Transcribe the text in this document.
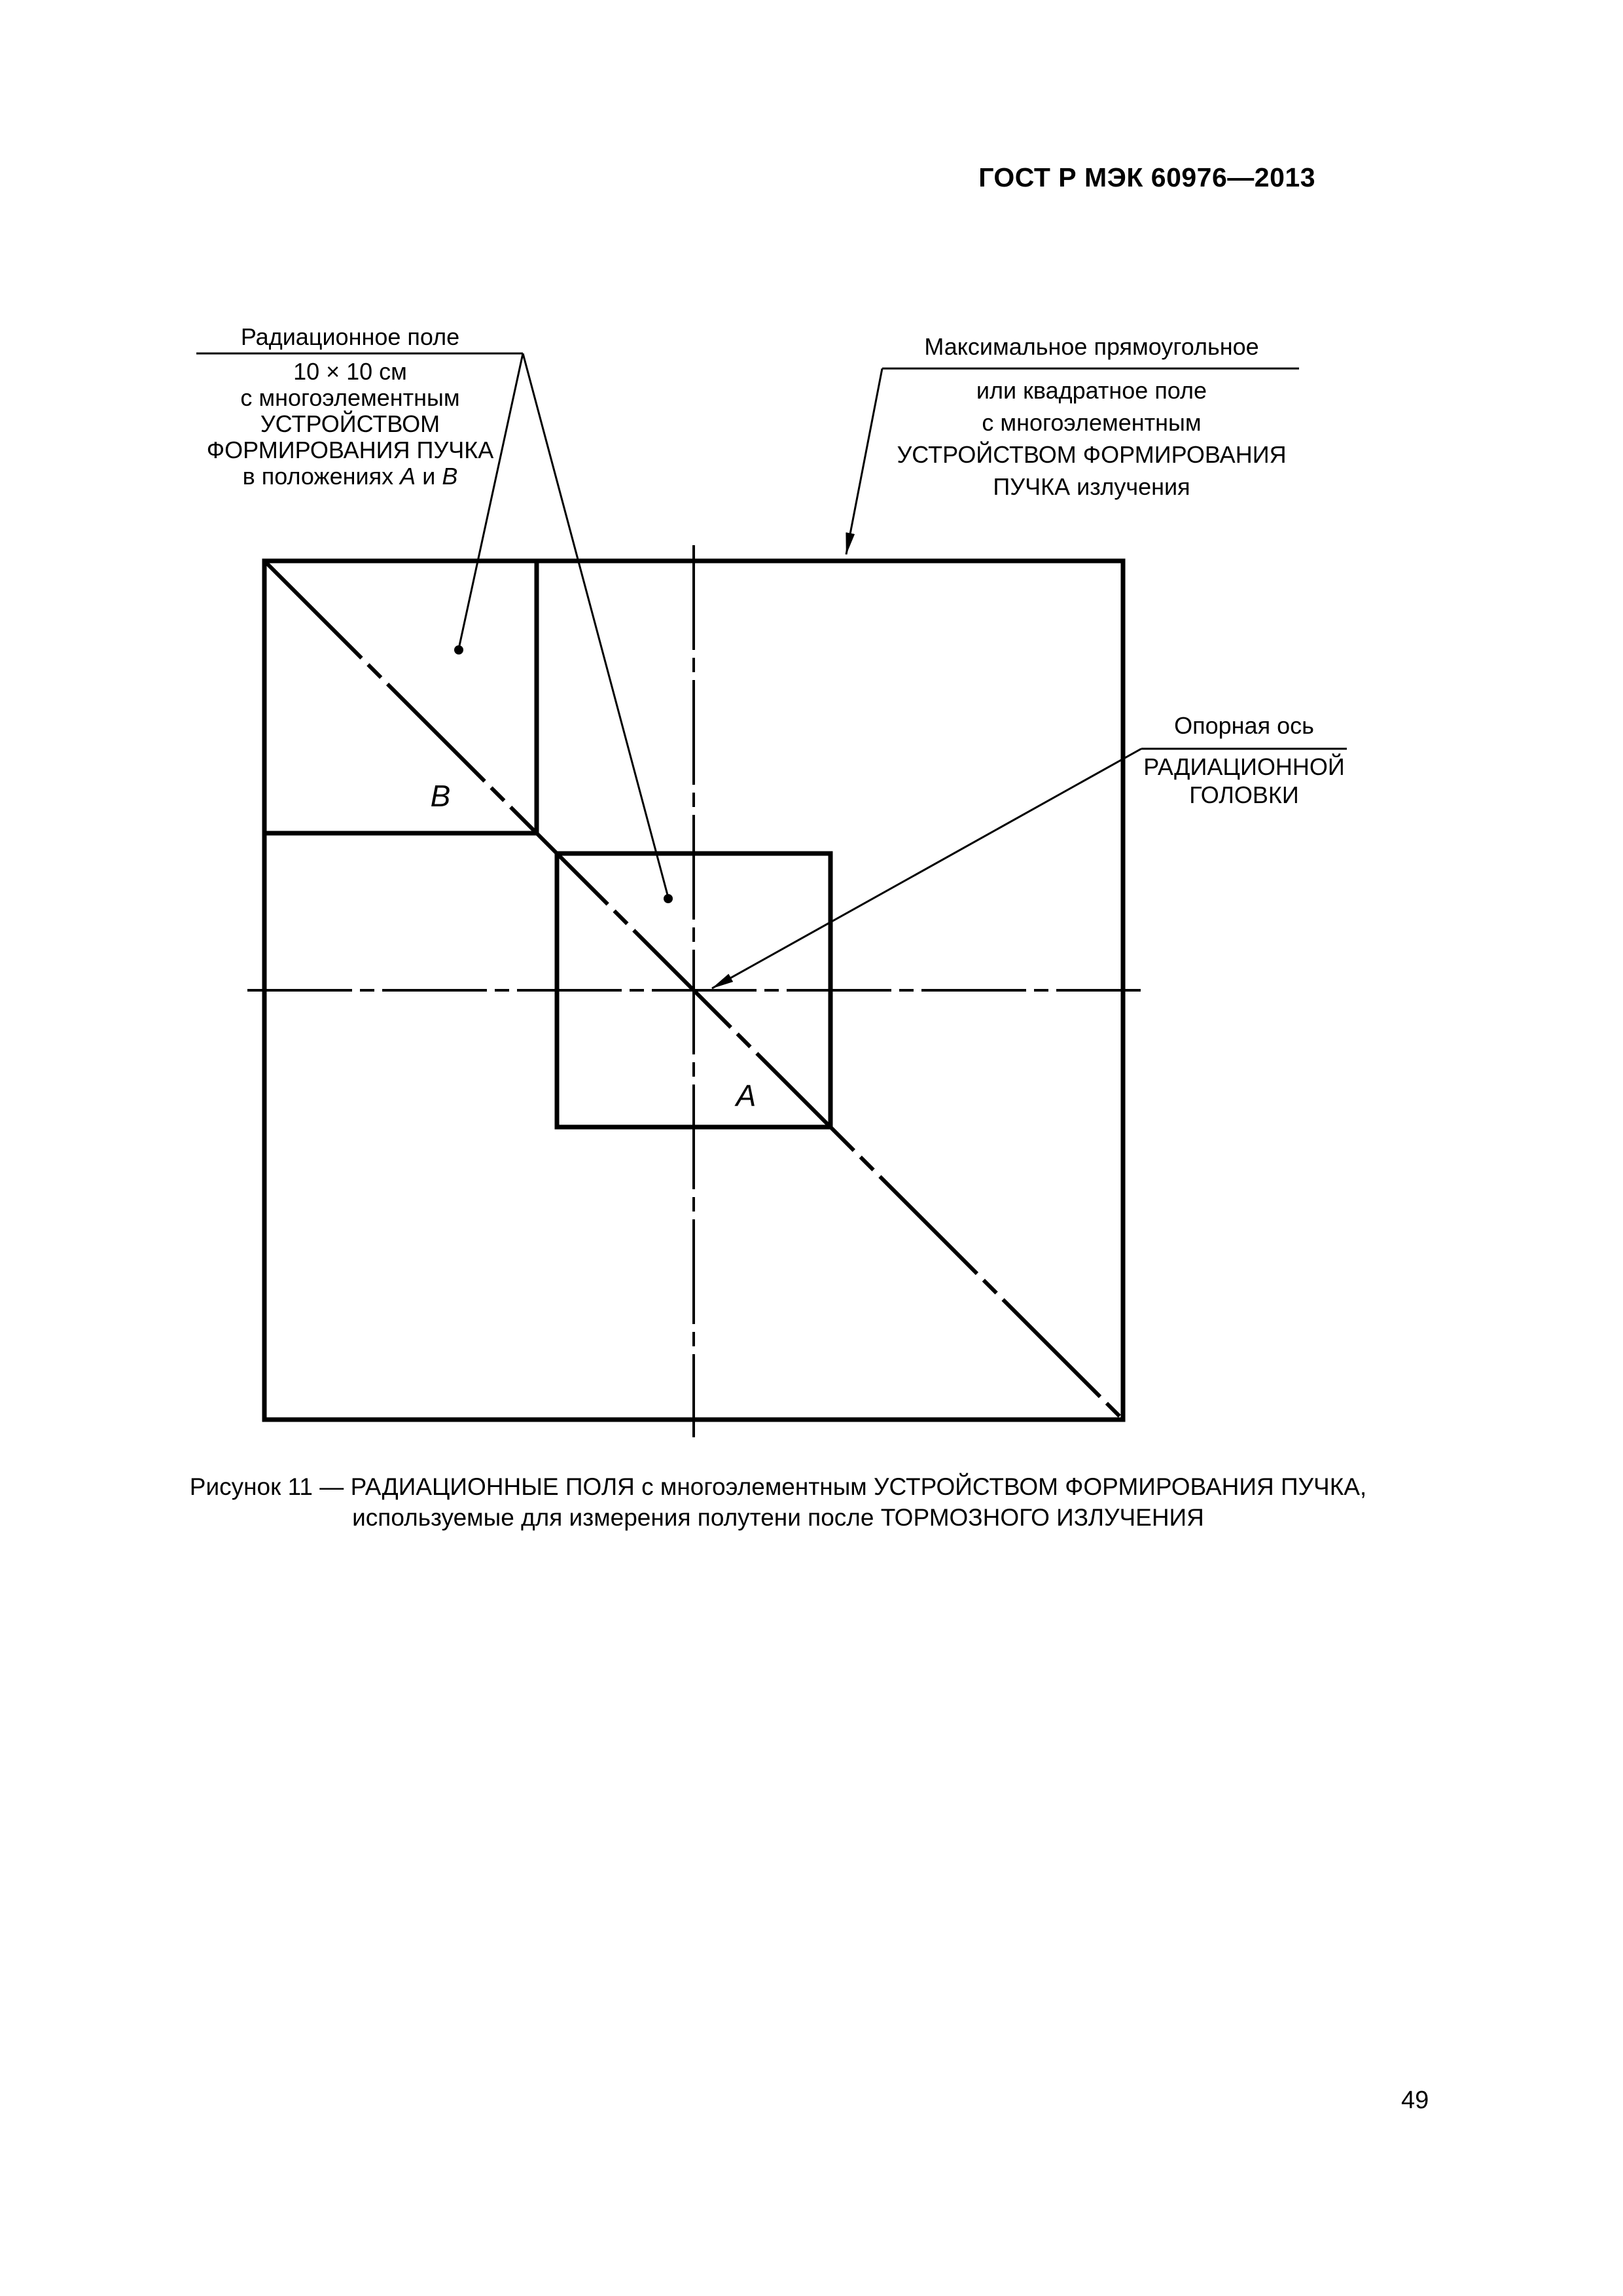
ГОСТ Р МЭК 60976—2013
Радиационное поле
10 × 10 см
с многоэлементным
УСТРОЙСТВОМ
ФОРМИРОВАНИЯ ПУЧКА
в положениях А и В
Максимальное прямоугольное
или квадратное поле
с многоэлементным
УСТРОЙСТВОМ ФОРМИРОВАНИЯ
ПУЧКА излучения
Опорная ось
РАДИАЦИОННОЙ
ГОЛОВКИ
В
А
Рисунок 11 — РАДИАЦИОННЫЕ ПОЛЯ с многоэлементным УСТРОЙСТВОМ ФОРМИРОВАНИЯ ПУЧКА,
используемые для измерения полутени после ТОРМОЗНОГО ИЗЛУЧЕНИЯ
49
